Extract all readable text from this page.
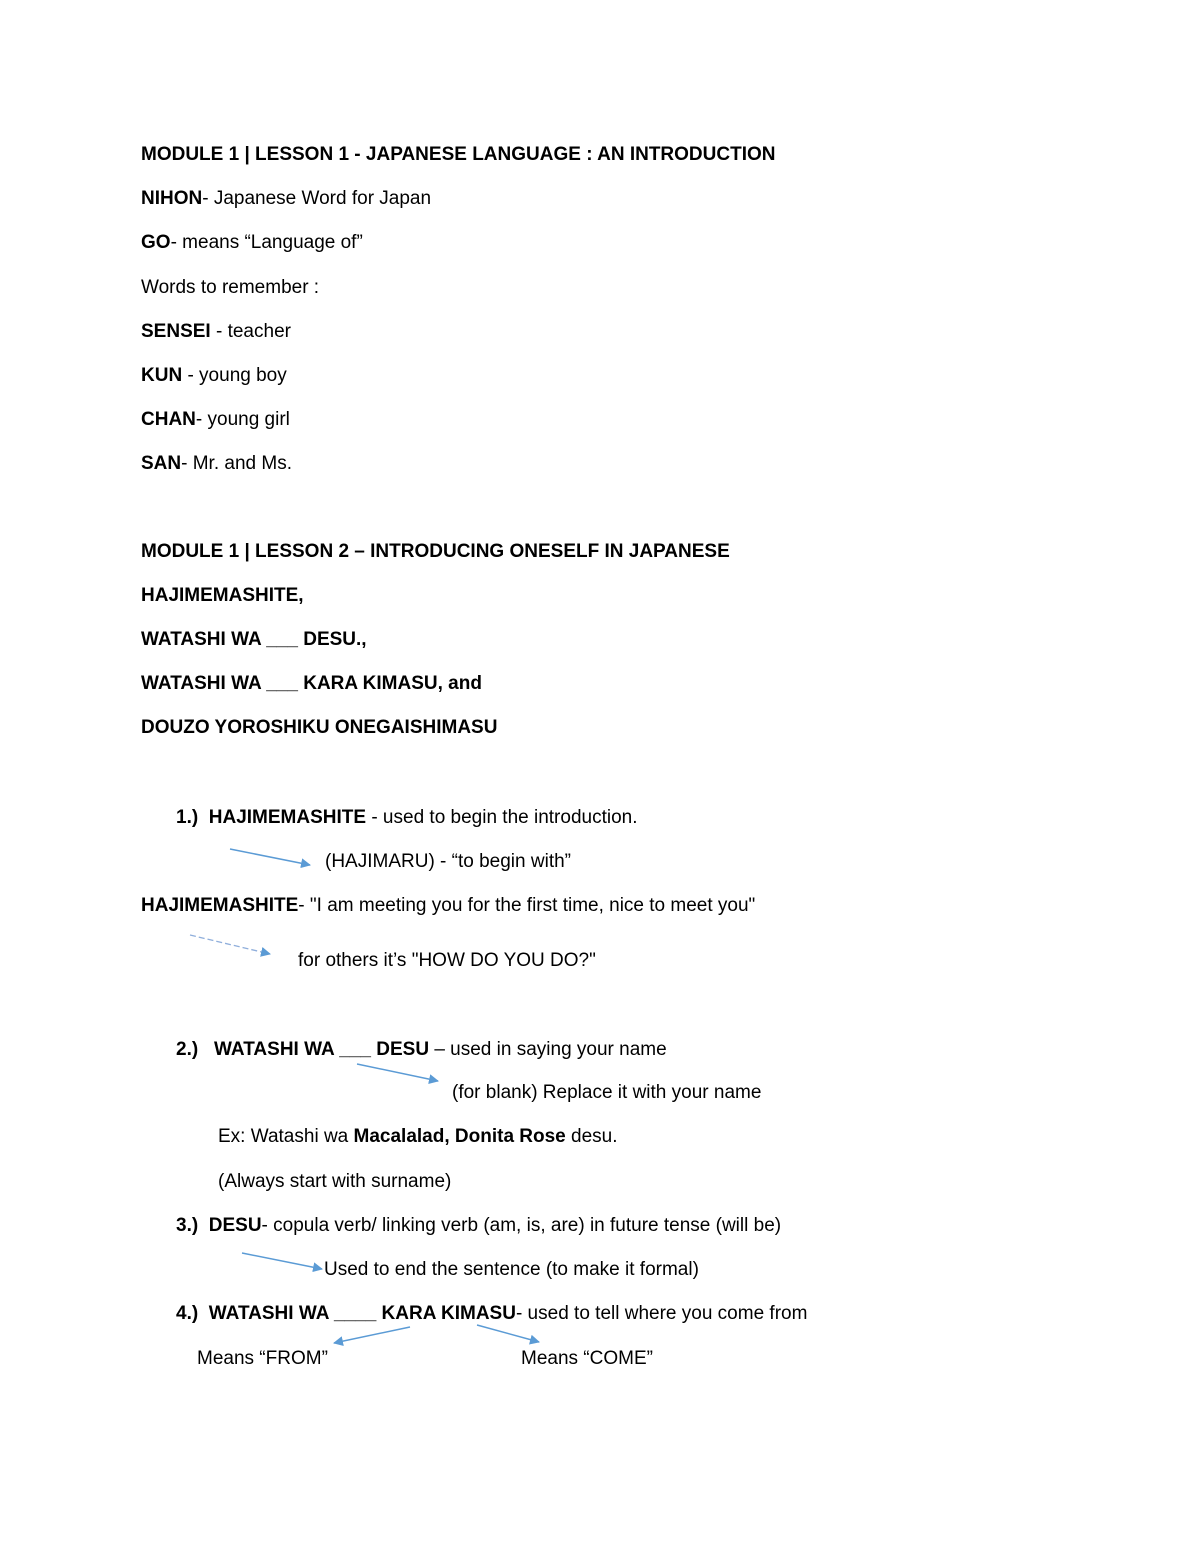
MODULE 1 | LESSON 1 - JAPANESE LANGUAGE : AN INTRODUCTION
NIHON- Japanese Word for Japan
GO- means “Language of”
Words to remember :
SENSEI - teacher
KUN - young boy
CHAN- young girl
SAN- Mr. and Ms.
MODULE 1 | LESSON 2 – INTRODUCING ONESELF IN JAPANESE
HAJIMEMASHITE,
WATASHI WA ___ DESU.,
WATASHI WA ___ KARA KIMASU, and
DOUZO YOROSHIKU ONEGAISHIMASU
1.) HAJIMEMASHITE - used to begin the introduction.
(HAJIMARU) - “to begin with”
HAJIMEMASHITE- "I am meeting you for the first time, nice to meet you"
for others it’s "HOW DO YOU DO?"
2.) WATASHI WA ___ DESU – used in saying your name
(for blank) Replace it with your name
Ex: Watashi wa Macalalad, Donita Rose desu.
(Always start with surname)
3.) DESU- copula verb/ linking verb (am, is, are) in future tense (will be)
Used to end the sentence (to make it formal)
4.) WATASHI WA ____ KARA KIMASU- used to tell where you come from
Means “FROM”	Means “COME”
